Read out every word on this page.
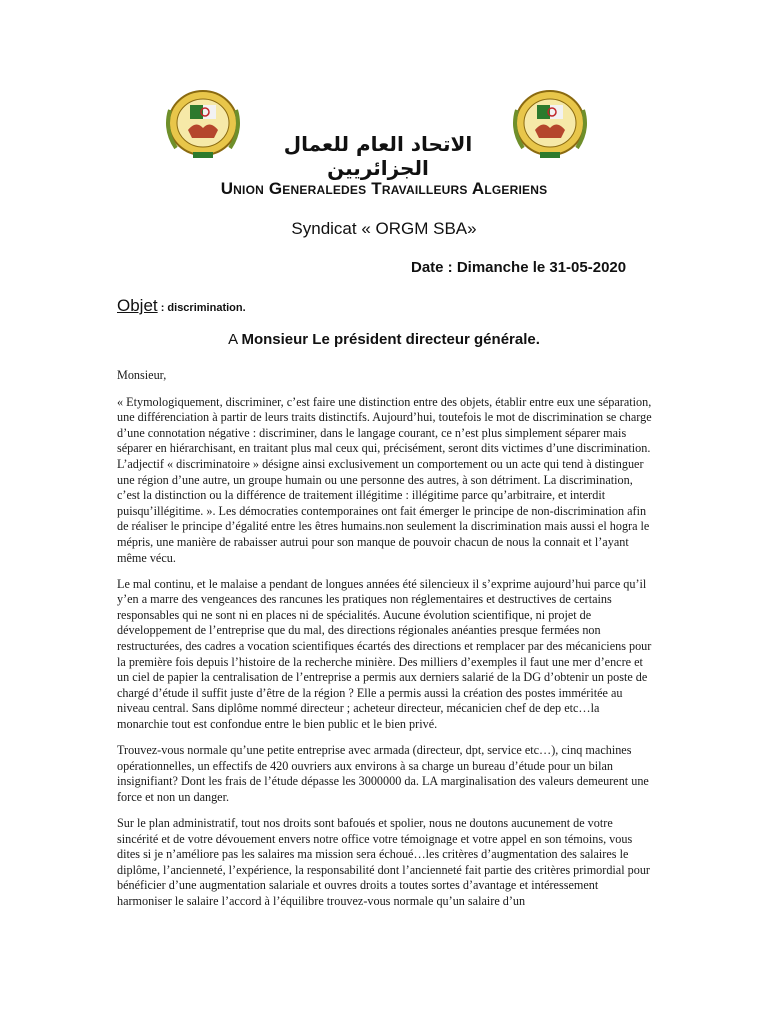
الاتحاد العام للعمال الجزائريين
Union Generaledes Travailleurs Algeriens
Syndicat « ORGM SBA»
Date : Dimanche le 31-05-2020
Objet : discrimination.
A Monsieur Le président directeur générale.

Monsieur,

« Etymologiquement, discriminer, c’est faire une distinction entre des objets, établir entre eux une séparation, une différenciation à partir de leurs traits distinctifs. Aujourd’hui, toutefois le mot de discrimination se charge d’une connotation négative : discriminer, dans le langage courant, ce n’est plus simplement séparer mais séparer en hiérarchisant, en traitant plus mal ceux qui, précisément, seront dits victimes d’une discrimination. L’adjectif « discriminatoire » désigne ainsi exclusivement un comportement ou un acte qui tend à distinguer une région d’une autre, un groupe humain ou une personne des autres, à son détriment. La discrimination, c’est la distinction ou la différence de traitement illégitime : illégitime parce qu’arbitraire, et interdit puisqu’illégitime. ». Les démocraties contemporaines ont fait émerger le principe de non-discrimination afin de réaliser le principe d’égalité entre les êtres humains.non seulement la discrimination mais aussi el hogra le mépris, une manière de rabaisser autrui pour son manque de pouvoir chacun de nous la connait et l’ayant même vécu.

Le mal continu, et le malaise a pendant de longues années été silencieux il s’exprime aujourd’hui parce qu’il y’en a marre des vengeances des rancunes les pratiques non réglementaires et destructives de certains responsables qui ne sont ni en places ni de spécialités. Aucune évolution scientifique, ni projet de développement de l’entreprise que du mal, des directions régionales anéanties presque fermées non restructurées, des cadres a vocation scientifiques écartés des directions et remplacer par des mécaniciens pour la première fois depuis l’histoire de la recherche minière. Des milliers d’exemples il faut une mer d’encre et un ciel de papier la centralisation de l’entreprise a permis aux derniers salarié de la DG d’obtenir un poste de chargé d’étude il suffit juste d’être de la région ? Elle a permis aussi la création des postes imméritée au niveau central. Sans diplôme nommé directeur ; acheteur directeur, mécanicien chef de dep etc…la monarchie tout est confondue entre le bien public et le bien privé.

Trouvez-vous normale qu’une petite entreprise avec armada (directeur, dpt, service etc…), cinq machines opérationnelles, un effectifs de 420 ouvriers aux environs à sa charge un bureau d’étude pour un bilan insignifiant? Dont les frais de l’étude dépasse les 3000000 da. LA marginalisation des valeurs demeurent une force et non un danger.

Sur le plan administratif, tout nos droits sont bafoués et spolier, nous ne doutons aucunement de votre sincérité et de votre dévouement envers notre office votre témoignage et votre appel en son témoins, vous dites si je n’améliore pas les salaires ma mission sera échoué…les critères d’augmentation des salaires le diplôme, l’ancienneté, l’expérience, la responsabilité dont l’ancienneté fait partie des critères primordial pour bénéficier d’une augmentation salariale et ouvres droits a toutes sortes d’avantage et intéressement harmoniser le salaire l’accord à l’équilibre trouvez-vous normale qu’un salaire d’un
